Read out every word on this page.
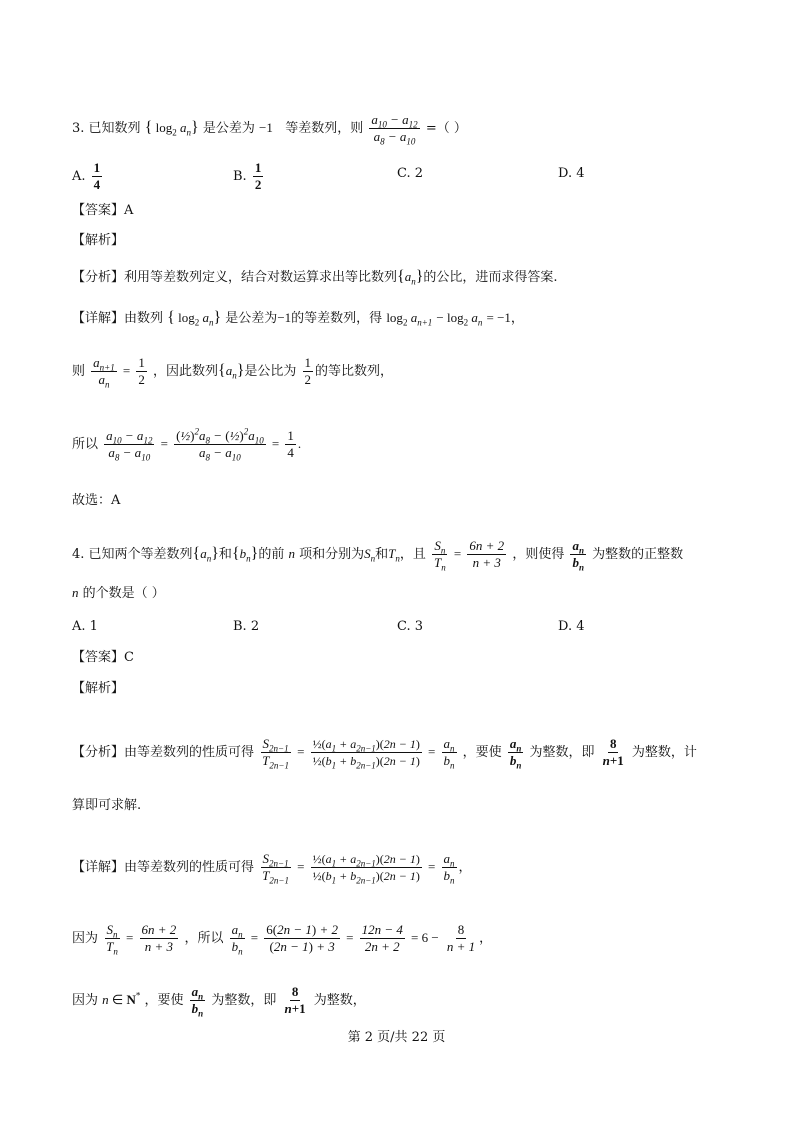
3. 已知数列 { $\log_2 a_n$} 是公差为 −1 等差数列，则 $\frac{a_{10} - a_{12}}{a_8 - a_{10}}$ =（ ）
A. $\frac{1}{4}$	B. $\frac{1}{2}$	C. 2	D. 4
【答案】A
【解析】
【分析】利用等差数列定义，结合对数运算求出等比数列$\{a_n\}$的公比，进而求得答案.
【详解】由数列 { $\log_2 a_n$} 是公差为−1的等差数列，得 $\log_2 a_{n+1} - \log_2 a_n = -1$，
则 $\frac{a_{n+1}}{a_n} = \frac{1}{2}$ ，因此数列$\{a_n\}$是公比为 $\frac{1}{2}$ 的等比数列，
所以 $\frac{a_{10} - a_{12}}{a_8 - a_{10}} = \frac{(\frac{1}{2})^2a_8 - (\frac{1}{2})^2a_{10}}{a_8 - a_{10}} = \frac{1}{4}$ .
故选：A
4. 已知两个等差数列$\{a_n\}$和$\{b_n\}$的前 n 项和分别为$S_n$和$T_n$，且 $\frac{S_n}{T_n} = \frac{6n + 2}{n + 3}$ ，则使得 $\frac{a_n}{b_n}$ 为整数的正整数
n 的个数是（ ）
A. 1	B. 2	C. 3	D. 4
【答案】C
【解析】
【分析】由等差数列的性质可得 $\frac{S_{2n-1}}{T_{2n-1}} = \frac{\frac{1}{2}(a_1 + a_{2n-1})(2n - 1)}{\frac{1}{2}(b_1 + b_{2n-1})(2n - 1)} = \frac{a_n}{b_n}$ ，要使 $\frac{a_n}{b_n}$ 为整数，即 $\frac{8}{n+1}$ 为整数，计
算即可求解.
【详解】由等差数列的性质可得 $\frac{S_{2n-1}}{T_{2n-1}} = \frac{\frac{1}{2}(a_1 + a_{2n-1})(2n - 1)}{\frac{1}{2}(b_1 + b_{2n-1})(2n - 1)} = \frac{a_n}{b_n}$ ，
因为 $\frac{S_n}{T_n} = \frac{6n + 2}{n + 3}$ ，所以 $\frac{a_n}{b_n} = \frac{6(2n - 1) + 2}{(2n - 1) + 3} = \frac{12n - 4}{2n + 2} = 6 - \frac{8}{n + 1}$ ，
因为 n ∈ N* ，要使 $\frac{a_n}{b_n}$ 为整数，即 $\frac{8}{n+1}$ 为整数，
第 2 页/共 22 页
